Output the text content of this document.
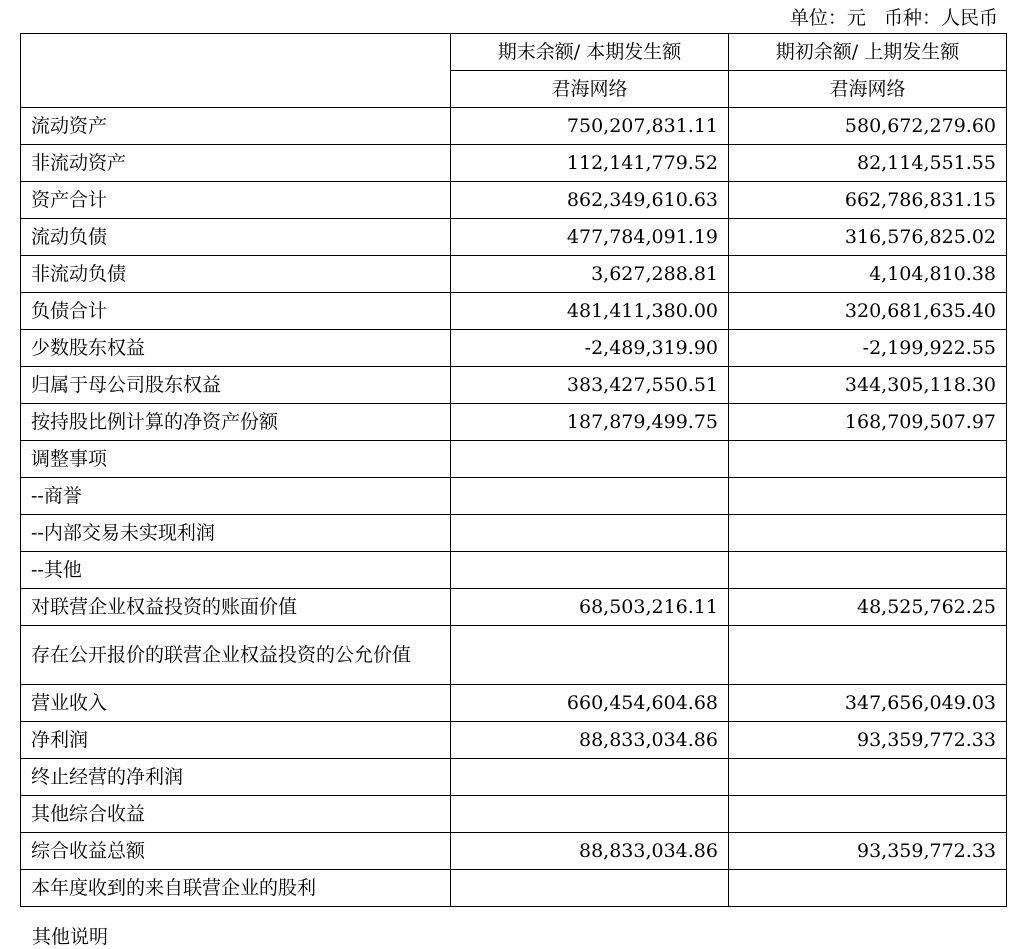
单位：元   币种：人民币
	期末余额/ 本期发生额	期初余额/ 上期发生额
	君海网络	君海网络
流动资产	750,207,831.11	580,672,279.60
非流动资产	112,141,779.52	82,114,551.55
资产合计	862,349,610.63	662,786,831.15
流动负债	477,784,091.19	316,576,825.02
非流动负债	3,627,288.81	4,104,810.38
负债合计	481,411,380.00	320,681,635.40
少数股东权益	-2,489,319.90	-2,199,922.55
归属于母公司股东权益	383,427,550.51	344,305,118.30
按持股比例计算的净资产份额	187,879,499.75	168,709,507.97
调整事项		
--商誉		
--内部交易未实现利润		
--其他		
对联营企业权益投资的账面价值	68,503,216.11	48,525,762.25
存在公开报价的联营企业权益投资的公允价值		
营业收入	660,454,604.68	347,656,049.03
净利润	88,833,034.86	93,359,772.33
终止经营的净利润		
其他综合收益		
综合收益总额	88,833,034.86	93,359,772.33
本年度收到的来自联营企业的股利		
其他说明
